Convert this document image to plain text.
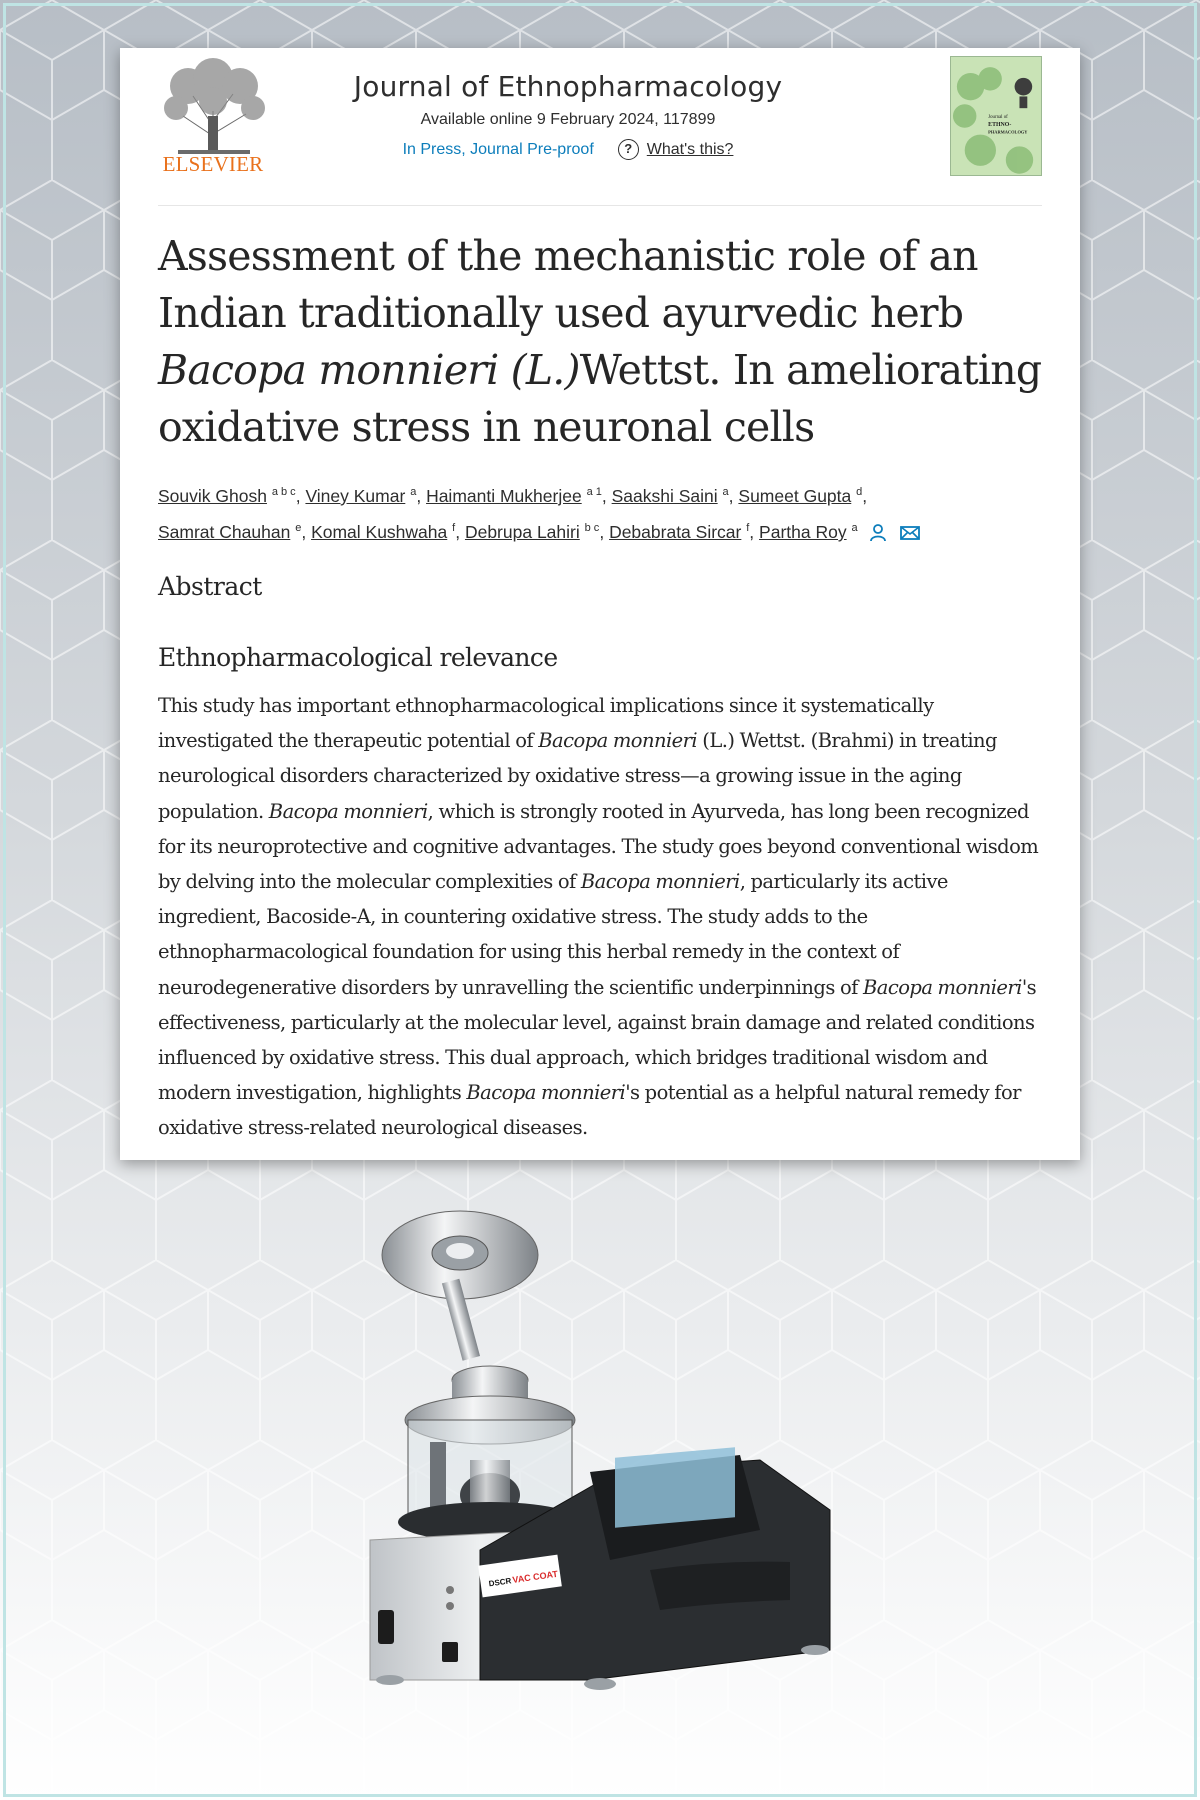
ELSEVIER
Journal of Ethnopharmacology
Available online 9 February 2024, 117899
In Press, Journal Pre-proof	? What's this?
Journal of
ETHNO-
PHARMACOLOGY
Assessment of the mechanistic role of an
Indian traditionally used ayurvedic herb
Bacopa monnieri (L.)Wettst. In ameliorating
oxidative stress in neuronal cells
Souvik Ghosh $^{a b c}$, Viney Kumar $^a$, Haimanti Mukherjee $^{a 1}$, Saakshi Saini $^a$, Sumeet Gupta $^d$,
Samrat Chauhan $^e$, Komal Kushwaha $^f$, Debrupa Lahiri $^{b c}$, Debabrata Sircar $^f$, Partha Roy $^a$
Abstract
Ethnopharmacological relevance

This study has important ethnopharmacological implications since it systematically investigated the therapeutic potential of Bacopa monnieri (L.) Wettst. (Brahmi) in treating neurological disorders characterized by oxidative stress—a growing issue in the aging population. Bacopa monnieri, which is strongly rooted in Ayurveda, has long been recognized for its neuroprotective and cognitive advantages. The study goes beyond conventional wisdom by delving into the molecular complexities of Bacopa monnieri, particularly its active ingredient, Bacoside-A, in countering oxidative stress. The study adds to the ethnopharmacological foundation for using this herbal remedy in the context of neurodegenerative disorders by unravelling the scientific underpinnings of Bacopa monnieri's effectiveness, particularly at the molecular level, against brain damage and related conditions influenced by oxidative stress. This dual approach, which bridges traditional wisdom and modern investigation, highlights Bacopa monnieri's potential as a helpful natural remedy for oxidative stress-related neurological diseases.

DSCR VAC COAT
